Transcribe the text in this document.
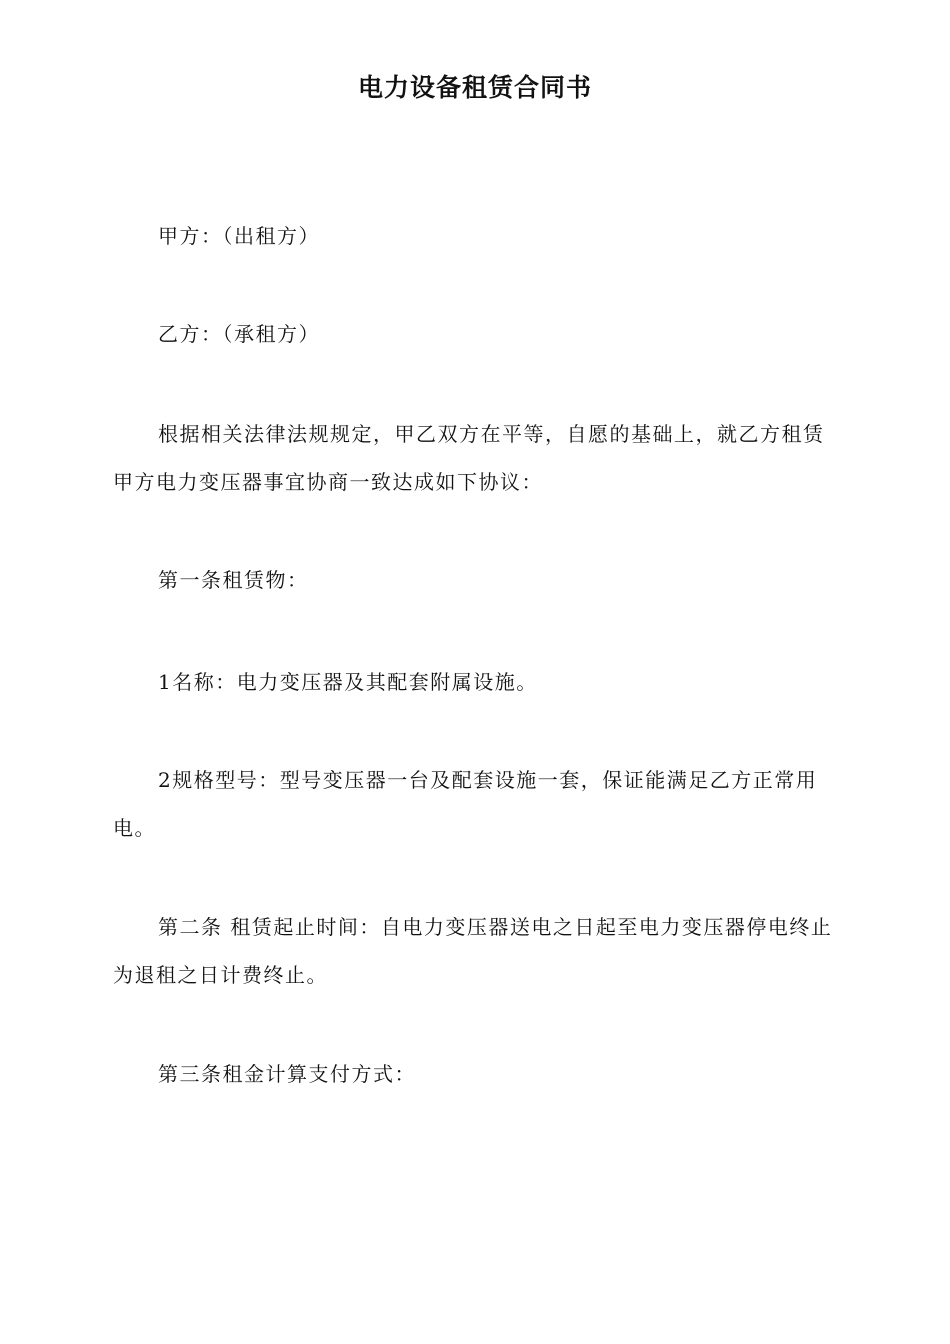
电力设备租赁合同书
甲方：（出租方）
乙方：（承租方）
根据相关法律法规规定，甲乙双方在平等，自愿的基础上，就乙方租赁甲方电力变压器事宜协商一致达成如下协议：
第一条租赁物：
1名称：电力变压器及其配套附属设施。
2规格型号：型号变压器一台及配套设施一套，保证能满足乙方正常用电。
第二条 租赁起止时间：自电力变压器送电之日起至电力变压器停电终止为退租之日计费终止。
第三条租金计算支付方式：
